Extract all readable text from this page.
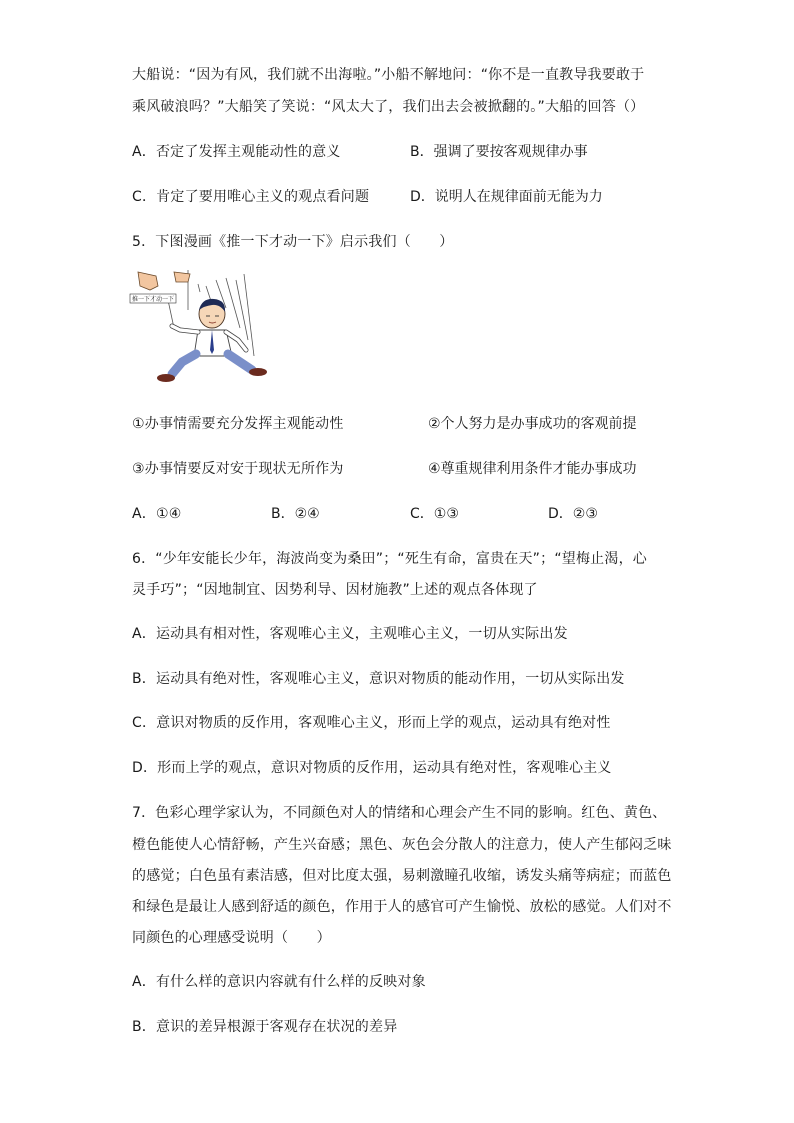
大船说：“因为有风，我们就不出海啦。”小船不解地问：“你不是一直教导我要敢于
乘风破浪吗？”大船笑了笑说：“风太大了，我们出去会被掀翻的。”大船的回答（）
A．否定了发挥主观能动性的意义	B．强调了要按客观规律办事
C．肯定了要用唯心主义的观点看问题	D．说明人在规律面前无能为力
5．下图漫画《推一下才动一下》启示我们（　　）
推一下才动一下
①办事情需要充分发挥主观能动性	②个人努力是办事成功的客观前提
③办事情要反对安于现状无所作为	④尊重规律利用条件才能办事成功
A．①④	B．②④	C．①③	D．②③
6．“少年安能长少年，海波尚变为桑田”；“死生有命，富贵在天”；“望梅止渴，心
灵手巧”；“因地制宜、因势利导、因材施教”上述的观点各体现了
A．运动具有相对性，客观唯心主义，主观唯心主义，一切从实际出发
B．运动具有绝对性，客观唯心主义，意识对物质的能动作用，一切从实际出发
C．意识对物质的反作用，客观唯心主义，形而上学的观点，运动具有绝对性
D．形而上学的观点，意识对物质的反作用，运动具有绝对性，客观唯心主义
7．色彩心理学家认为，不同颜色对人的情绪和心理会产生不同的影响。红色、黄色、
橙色能使人心情舒畅，产生兴奋感；黑色、灰色会分散人的注意力，使人产生郁闷乏味
的感觉；白色虽有素洁感，但对比度太强，易刺激瞳孔收缩，诱发头痛等病症；而蓝色
和绿色是最让人感到舒适的颜色，作用于人的感官可产生愉悦、放松的感觉。人们对不
同颜色的心理感受说明（　　）
A．有什么样的意识内容就有什么样的反映对象
B．意识的差异根源于客观存在状况的差异
